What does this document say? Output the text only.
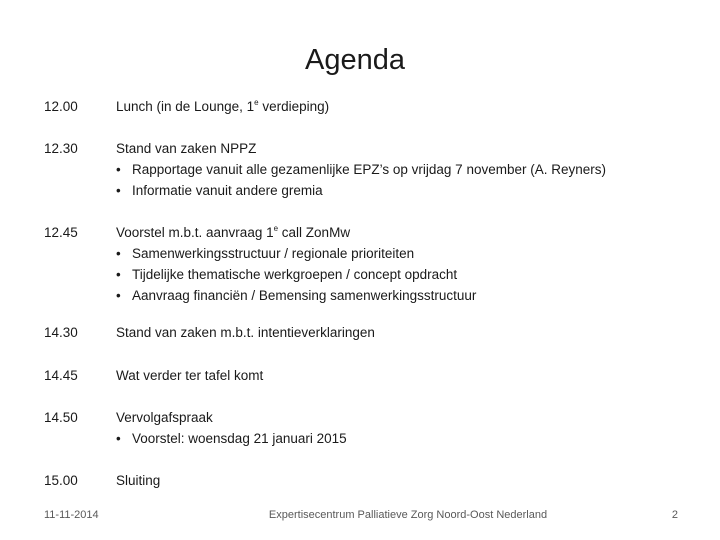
Agenda
12.00	Lunch (in de Lounge, 1e verdieping)
12.30	Stand van zaken NPPZ
• Rapportage vanuit alle gezamenlijke EPZ’s op vrijdag 7 november (A. Reyners)
• Informatie vanuit andere gremia
12.45	Voorstel m.b.t. aanvraag 1e call ZonMw
• Samenwerkingsstructuur / regionale prioriteiten
• Tijdelijke thematische werkgroepen / concept opdracht
• Aanvraag financiën / Bemensing samenwerkingsstructuur
14.30	Stand van zaken m.b.t. intentieverklaringen
14.45	Wat verder ter tafel komt
14.50	Vervolgafspraak
• Voorstel: woensdag 21 januari 2015
15.00	Sluiting
11-11-2014	Expertisecentrum Palliatieve Zorg Noord-Oost Nederland	2
